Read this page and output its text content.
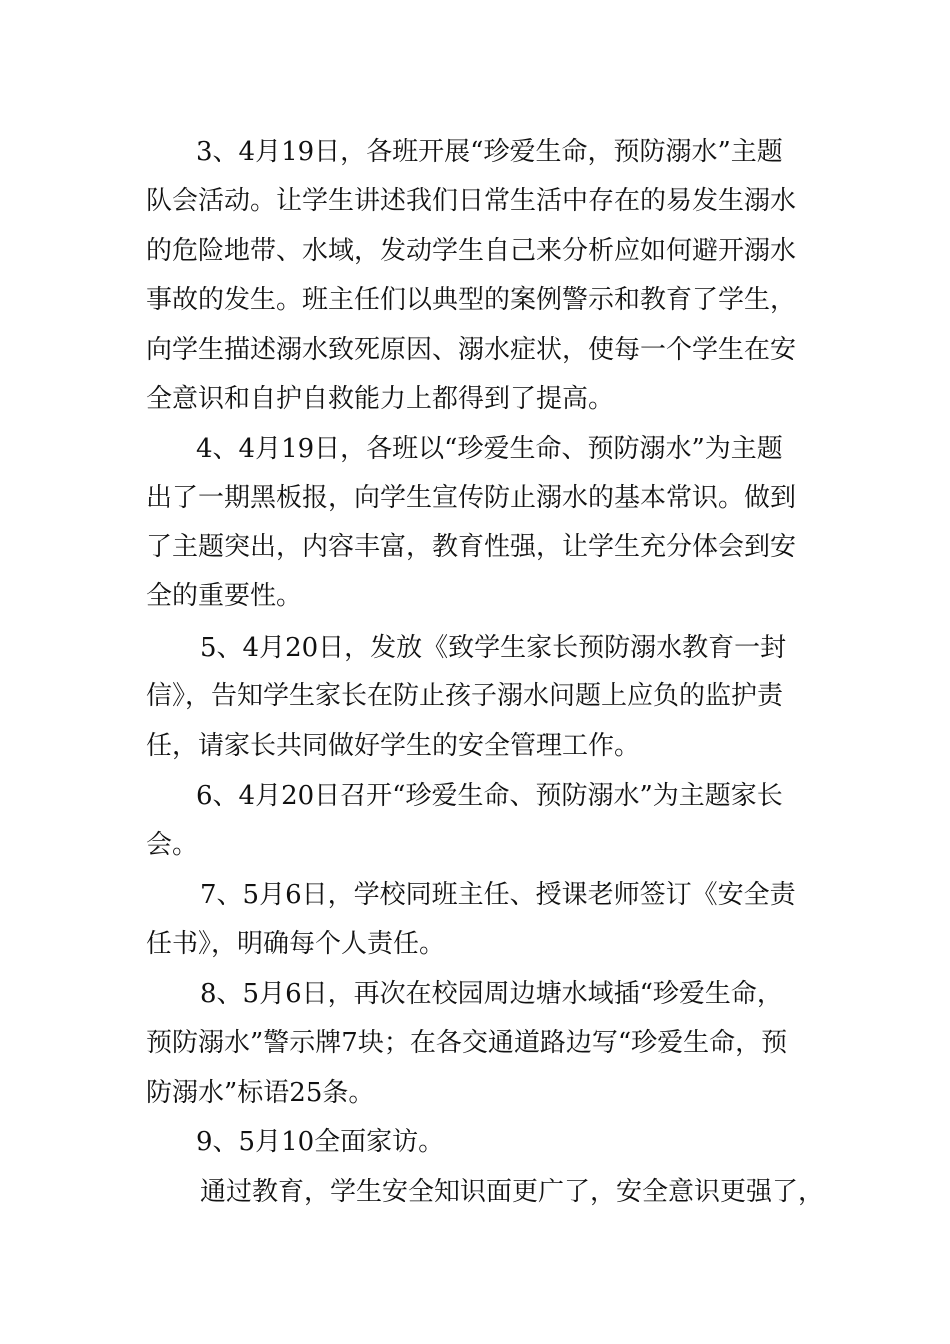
3、4月19日，各班开展“珍爱生命，预防溺水”主题
队会活动。让学生讲述我们日常生活中存在的易发生溺水
的危险地带、水域，发动学生自己来分析应如何避开溺水
事故的发生。班主任们以典型的案例警示和教育了学生，
向学生描述溺水致死原因、溺水症状，使每一个学生在安
全意识和自护自救能力上都得到了提高。
4、4月19日，各班以“珍爱生命、预防溺水”为主题
出了一期黑板报，向学生宣传防止溺水的基本常识。做到
了主题突出，内容丰富，教育性强，让学生充分体会到安
全的重要性。
5、4月20日，发放《致学生家长预防溺水教育一封
信》，告知学生家长在防止孩子溺水问题上应负的监护责
任，请家长共同做好学生的安全管理工作。
6、4月20日召开“珍爱生命、预防溺水”为主题家长
会。
7、5月6日，学校同班主任、授课老师签订《安全责
任书》，明确每个人责任。
8、5月6日，再次在校园周边塘水域插“珍爱生命，
预防溺水”警示牌7块；在各交通道路边写“珍爱生命，预
防溺水”标语25条。
9、5月10全面家访。
通过教育，学生安全知识面更广了，安全意识更强了，
